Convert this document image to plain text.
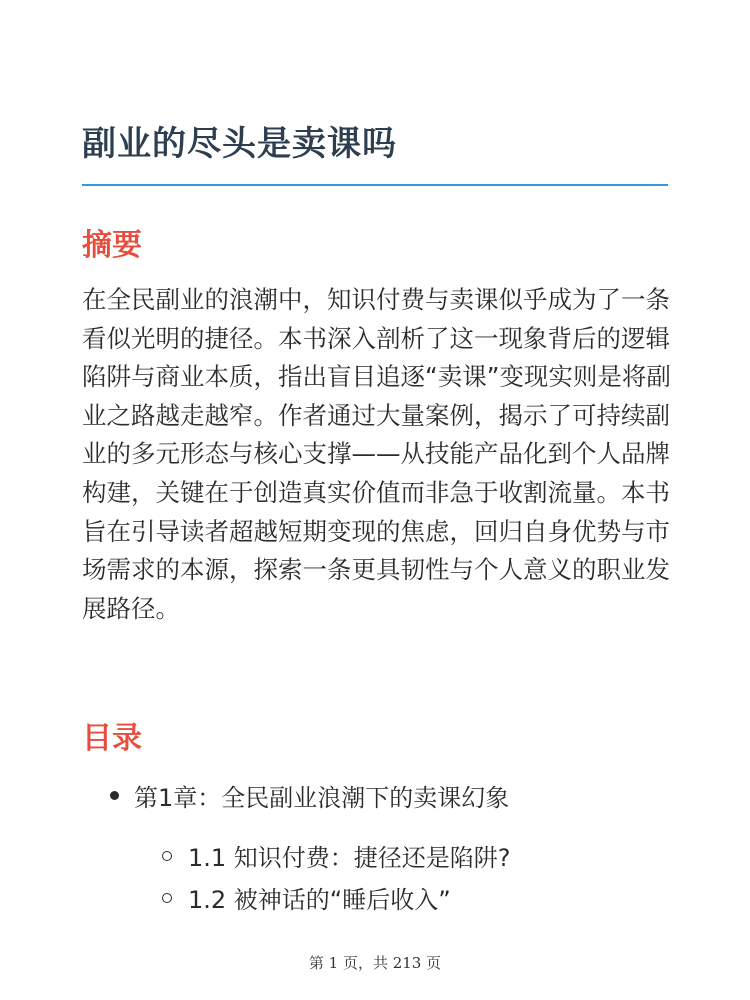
副业的尽头是卖课吗
摘要

在全民副业的浪潮中，知识付费与卖课似乎成为了一条看似光明的捷径。本书深入剖析了这一现象背后的逻辑陷阱与商业本质，指出盲目追逐“卖课”变现实则是将副业之路越走越窄。作者通过大量案例，揭示了可持续副业的多元形态与核心支撑——从技能产品化到个人品牌构建，关键在于创造真实价值而非急于收割流量。本书旨在引导读者超越短期变现的焦虑，回归自身优势与市场需求的本源，探索一条更具韧性与个人意义的职业发展路径。

目录
第1章：全民副业浪潮下的卖课幻象
1.1 知识付费：捷径还是陷阱?
1.2 被神话的“睡后收入”
第 1 页，共 213 页
